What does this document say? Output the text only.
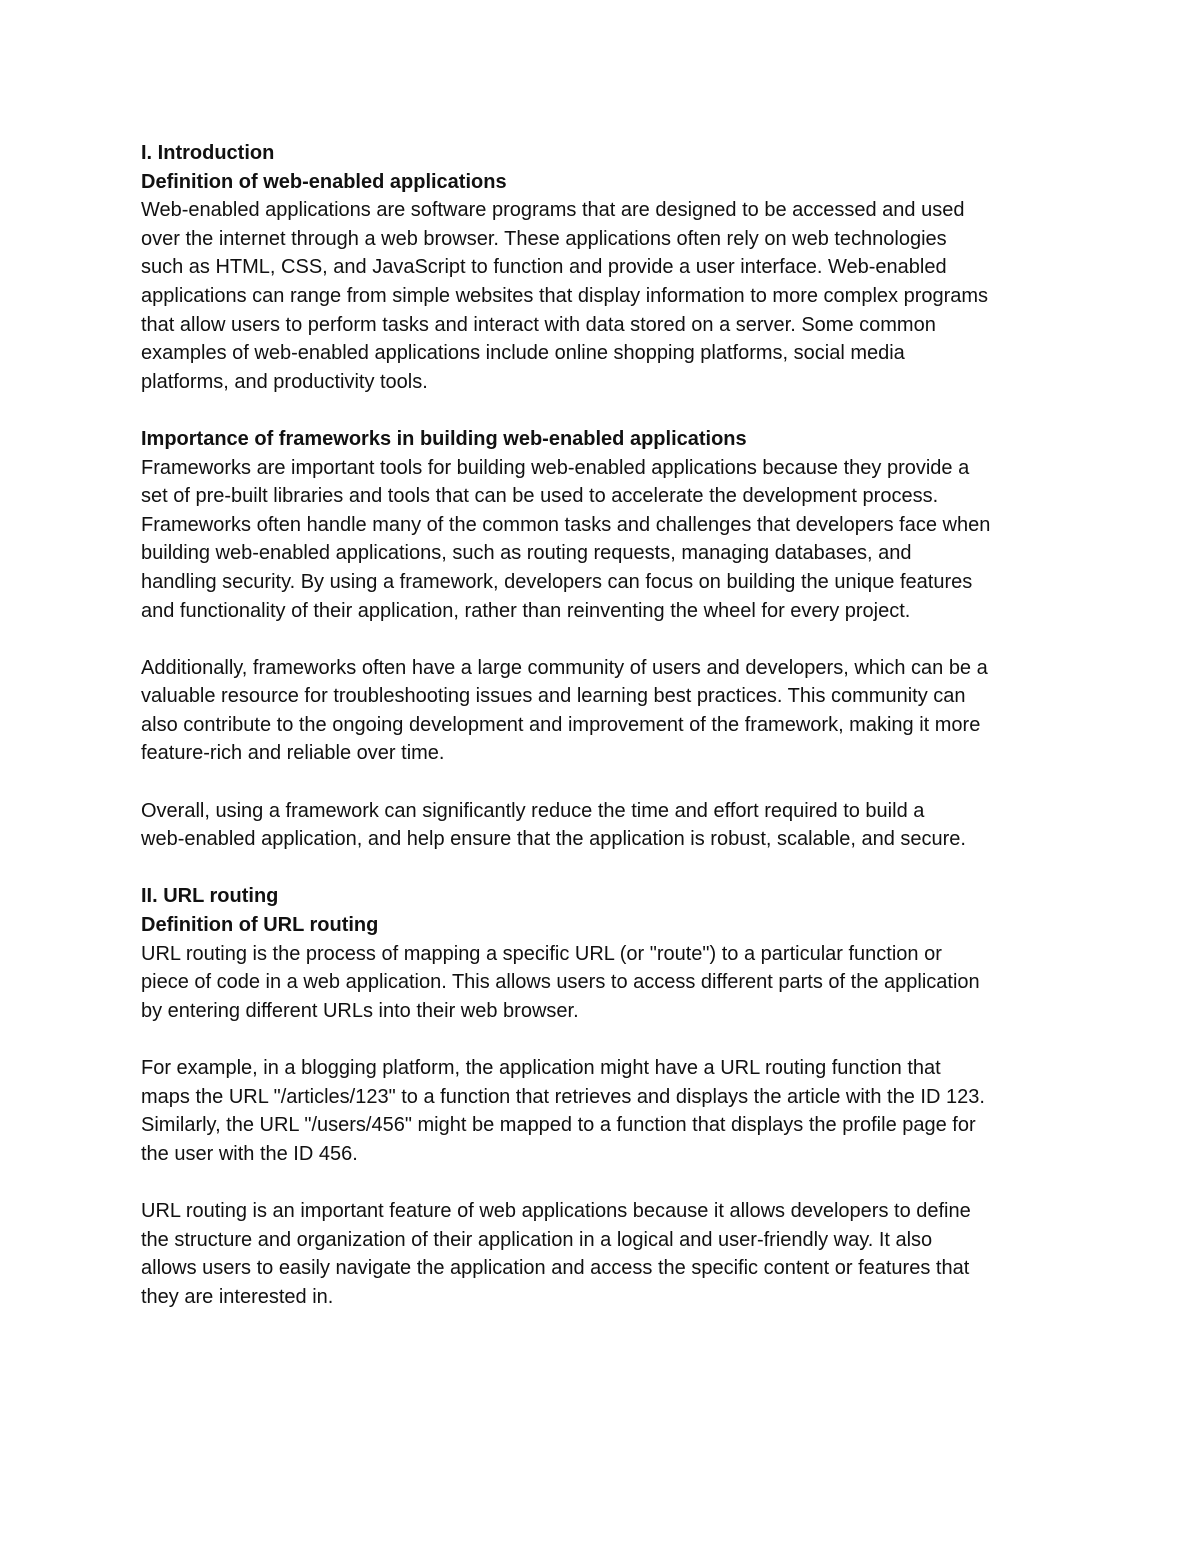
I. Introduction
Definition of web-enabled applications
Web-enabled applications are software programs that are designed to be accessed and used
over the internet through a web browser. These applications often rely on web technologies
such as HTML, CSS, and JavaScript to function and provide a user interface. Web-enabled
applications can range from simple websites that display information to more complex programs
that allow users to perform tasks and interact with data stored on a server. Some common
examples of web-enabled applications include online shopping platforms, social media
platforms, and productivity tools.
Importance of frameworks in building web-enabled applications
Frameworks are important tools for building web-enabled applications because they provide a
set of pre-built libraries and tools that can be used to accelerate the development process.
Frameworks often handle many of the common tasks and challenges that developers face when
building web-enabled applications, such as routing requests, managing databases, and
handling security. By using a framework, developers can focus on building the unique features
and functionality of their application, rather than reinventing the wheel for every project.
Additionally, frameworks often have a large community of users and developers, which can be a
valuable resource for troubleshooting issues and learning best practices. This community can
also contribute to the ongoing development and improvement of the framework, making it more
feature-rich and reliable over time.
Overall, using a framework can significantly reduce the time and effort required to build a
web-enabled application, and help ensure that the application is robust, scalable, and secure.
II. URL routing
Definition of URL routing
URL routing is the process of mapping a specific URL (or "route") to a particular function or
piece of code in a web application. This allows users to access different parts of the application
by entering different URLs into their web browser.
For example, in a blogging platform, the application might have a URL routing function that
maps the URL "/articles/123" to a function that retrieves and displays the article with the ID 123.
Similarly, the URL "/users/456" might be mapped to a function that displays the profile page for
the user with the ID 456.
URL routing is an important feature of web applications because it allows developers to define
the structure and organization of their application in a logical and user-friendly way. It also
allows users to easily navigate the application and access the specific content or features that
they are interested in.
